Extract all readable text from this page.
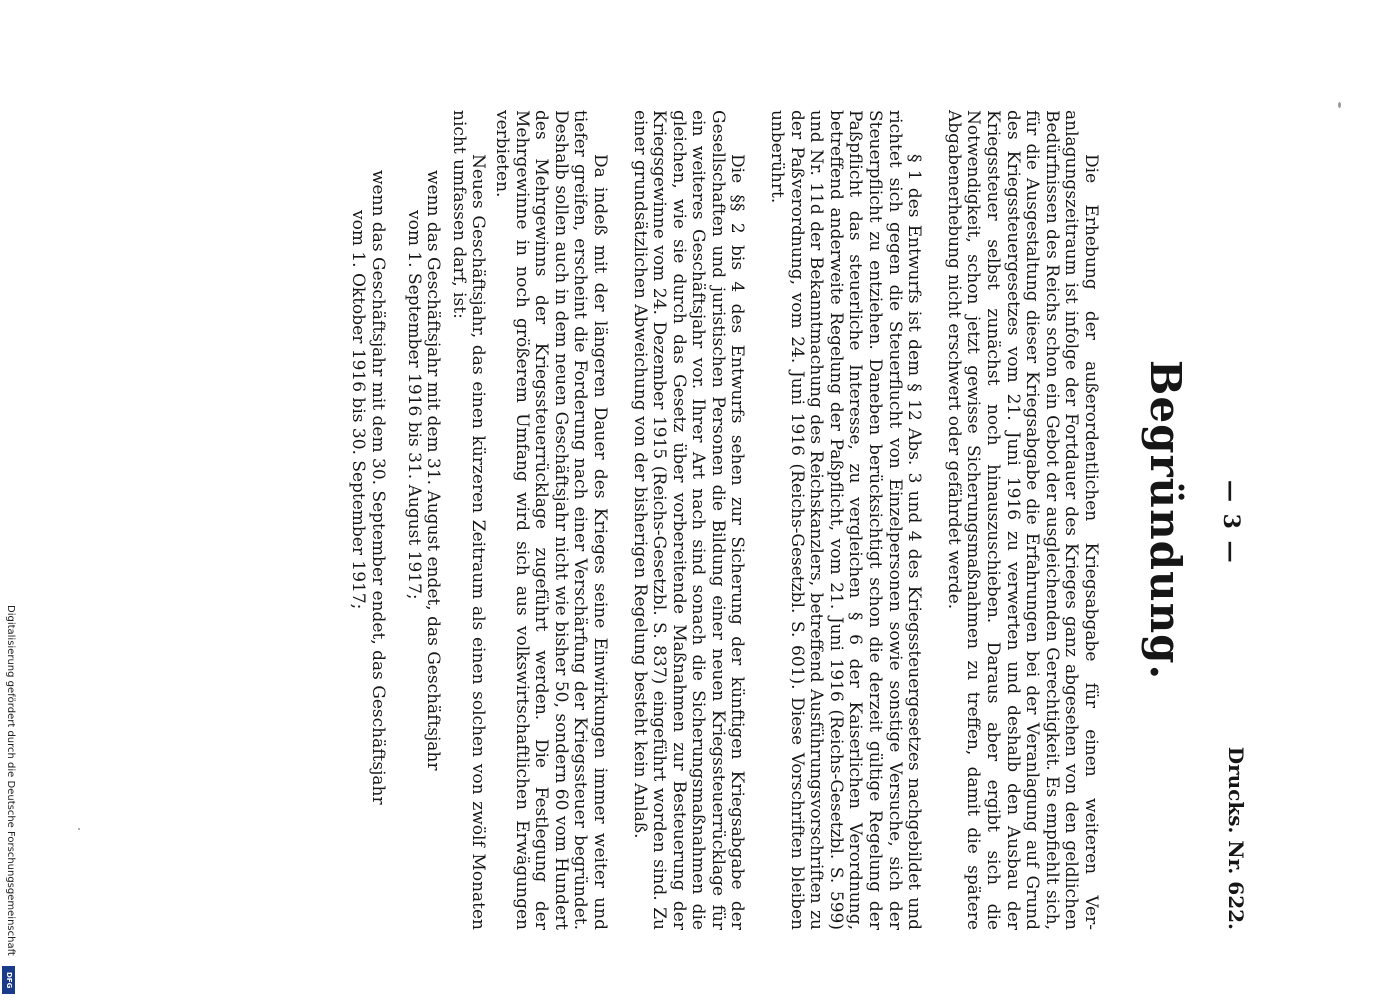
Digitalisierung gefördert durch die Deutsche Forschungsgemeinschaft
DFG
— 3 —
Drucks. Nr. 622.
Begründung.

Die Erhebung der außerordentlichen Kriegsabgabe für einen weiteren Veranlagungszeitraum ist infolge der Fortdauer des Krieges ganz abgesehen von den geldlichen Bedürfnissen des Reichs schon ein Gebot der ausgleichenden Gerechtigkeit. Es empfiehlt sich, für die Ausgestaltung dieser Kriegsabgabe die Erfahrungen bei der Veranlagung auf Grund des Kriegssteuergesetzes vom 21. Juni 1916 zu verwerten und deshalb den Ausbau der Kriegssteuer selbst zunächst noch hinauszuschieben. Daraus aber ergibt sich die Notwendigkeit, schon jetzt gewisse Sicherungsmaßnahmen zu treffen, damit die spätere Abgabenerhebung nicht erschwert oder gefährdet werde.

§ 1 des Entwurfs ist dem § 12 Abs. 3 und 4 des Kriegssteuergesetzes nachgebildet und richtet sich gegen die Steuerflucht von Einzelpersonen sowie sonstige Versuche, sich der Steuerpflicht zu entziehen. Daneben berücksichtigt schon die derzeit gültige Regelung der Paßpflicht das steuerliche Interesse, zu vergleichen § 6 der Kaiserlichen Verordnung, betreffend anderweite Regelung der Paßpflicht, vom 21. Juni 1916 (Reichs-Gesetzbl. S. 599) und Nr. 11d der Bekanntmachung des Reichskanzlers, betreffend Ausführungsvorschriften zu der Paßverordnung, vom 24. Juni 1916 (Reichs-Gesetzbl. S. 601). Diese Vorschriften bleiben unberührt.

Die §§ 2 bis 4 des Entwurfs sehen zur Sicherung der künftigen Kriegsabgabe der Gesellschaften und juristischen Personen die Bildung einer neuen Kriegssteuerrücklage für ein weiteres Geschäftsjahr vor. Ihrer Art nach sind sonach die Sicherungsmaßnahmen die gleichen, wie sie durch das Gesetz über vorbereitende Maßnahmen zur Besteuerung der Kriegsgewinne vom 24. Dezember 1915 (Reichs-Gesetzbl. S. 837) eingeführt worden sind. Zu einer grundsätzlichen Abweichung von der bisherigen Regelung besteht kein Anlaß.

Da indeß mit der längeren Dauer des Krieges seine Einwirkungen immer weiter und tiefer greifen, erscheint die Forderung nach einer Verschärfung der Kriegssteuer begründet. Deshalb sollen auch in dem neuen Geschäftsjahr nicht wie bisher 50, sondern 60 vom Hundert des Mehrgewinns der Kriegssteuerrücklage zugeführt werden. Die Festlegung der Mehrgewinne in noch größerem Umfang wird sich aus volkswirtschaftlichen Erwägungen verbieten.

Neues Geschäftsjahr, das einen kürzeren Zeitraum als einen solchen von zwölf Monaten nicht umfassen darf, ist:

wenn das Geschäftsjahr mit dem 31. August endet, das Geschäftsjahr
vom 1. September 1916 bis 31. August 1917;
wenn das Geschäftsjahr mit dem 30. September endet, das Geschäftsjahr
vom 1. Oktober 1916 bis 30. September 1917;
